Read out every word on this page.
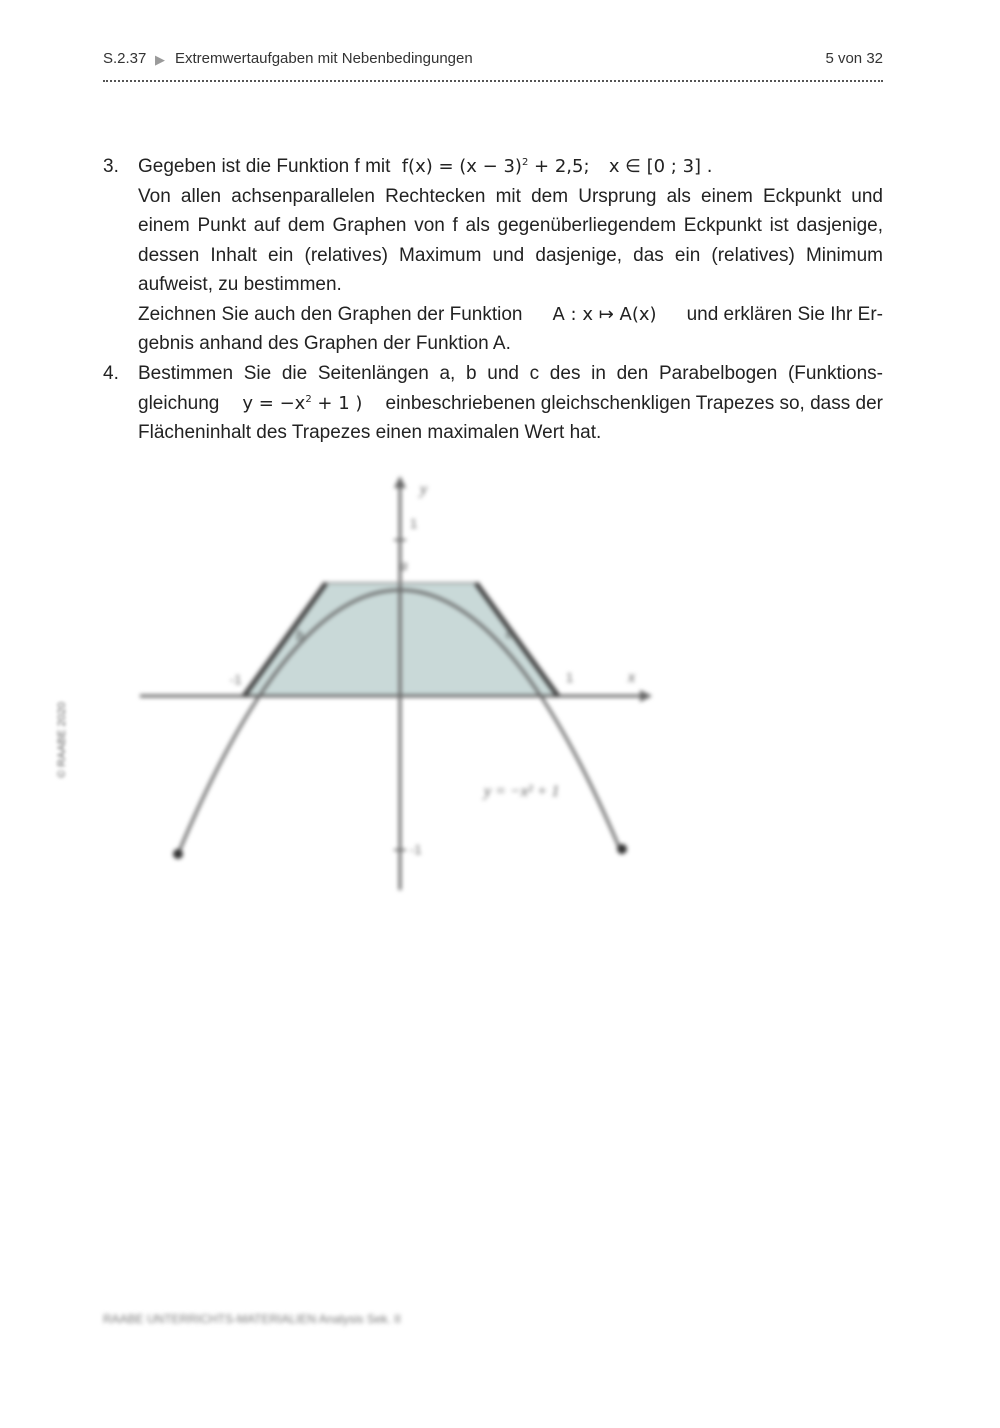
S.2.37 ▶ Extremwertaufgaben mit Nebenbedingungen	5 von 32
3. Gegeben ist die Funktion f mit $f(x) = (x - 3)^2 + 2,5$; x ∈ [0 ; 3] .
Von allen achsenparallelen Rechtecken mit dem Ursprung als einem Eckpunkt und
einem Punkt auf dem Graphen von f als gegenüberliegendem Eckpunkt ist dasjenige,
dessen Inhalt ein (relatives) Maximum und dasjenige, das ein (relatives) Minimum
aufweist, zu bestimmen.
Zeichnen Sie auch den Graphen der Funktion A : x ↦ A(x) und erklären Sie Ihr Er-
gebnis anhand des Graphen der Funktion A.
4. Bestimmen Sie die Seitenlängen a, b und c des in den Parabelbogen (Funktions-
gleichung $y = -x^2 + 1$ ) einbeschriebenen gleichschenkligen Trapezes so, dass der
Flächeninhalt des Trapezes einen maximalen Wert hat.
y
x
1
-1	1
-1
a
b	c
y = −x² + 1
© RAABE 2020
RAABE UNTERRICHTS-MATERIALIEN Analysis Sek. II
